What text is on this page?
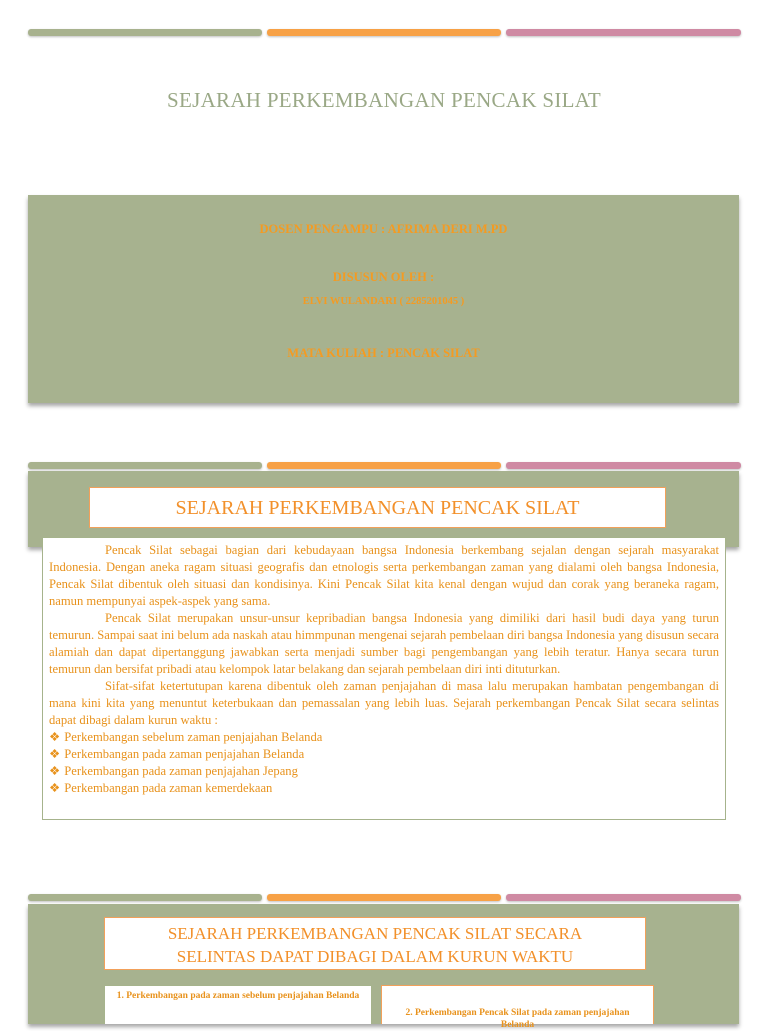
SEJARAH PERKEMBANGAN PENCAK SILAT
DOSEN PENGAMPU : AFRIMA DERI M.PD
DISUSUN OLEH :
ELVI WULANDARI ( 2285201045 )
MATA KULIAH : PENCAK SILAT
SEJARAH PERKEMBANGAN PENCAK SILAT

Pencak Silat sebagai bagian dari kebudayaan bangsa Indonesia berkembang sejalan dengan sejarah masyarakat Indonesia. Dengan aneka ragam situasi geografis dan etnologis serta perkembangan zaman yang dialami oleh bangsa Indonesia, Pencak Silat dibentuk oleh situasi dan kondisinya. Kini Pencak Silat kita kenal dengan wujud dan corak yang beraneka ragam, namun mempunyai aspek-aspek yang sama.

Pencak Silat merupakan unsur-unsur kepribadian bangsa Indonesia yang dimiliki dari hasil budi daya yang turun temurun. Sampai saat ini belum ada naskah atau himmpunan mengenai sejarah pembelaan diri bangsa Indonesia yang disusun secara alamiah dan dapat dipertanggung jawabkan serta menjadi sumber bagi pengembangan yang lebih teratur. Hanya secara turun temurun dan bersifat pribadi atau kelompok latar belakang dan sejarah pembelaan diri inti dituturkan.

Sifat-sifat ketertutupan karena dibentuk oleh zaman penjajahan di masa lalu merupakan hambatan pengembangan di mana kini kita yang menuntut keterbukaan dan pemassalan yang lebih luas. Sejarah perkembangan Pencak Silat secara selintas dapat dibagi dalam kurun waktu :

❖ Perkembangan sebelum zaman penjajahan Belanda
❖ Perkembangan pada zaman penjajahan Belanda
❖ Perkembangan pada zaman penjajahan Jepang
❖ Perkembangan pada zaman kemerdekaan
SEJARAH PERKEMBANGAN PENCAK SILAT SECARA
SELINTAS DAPAT DIBAGI DALAM KURUN WAKTU
1. Perkembangan pada zaman sebelum penjajahan Belanda
2. Perkembangan Pencak Silat pada zaman penjajahan Belanda
